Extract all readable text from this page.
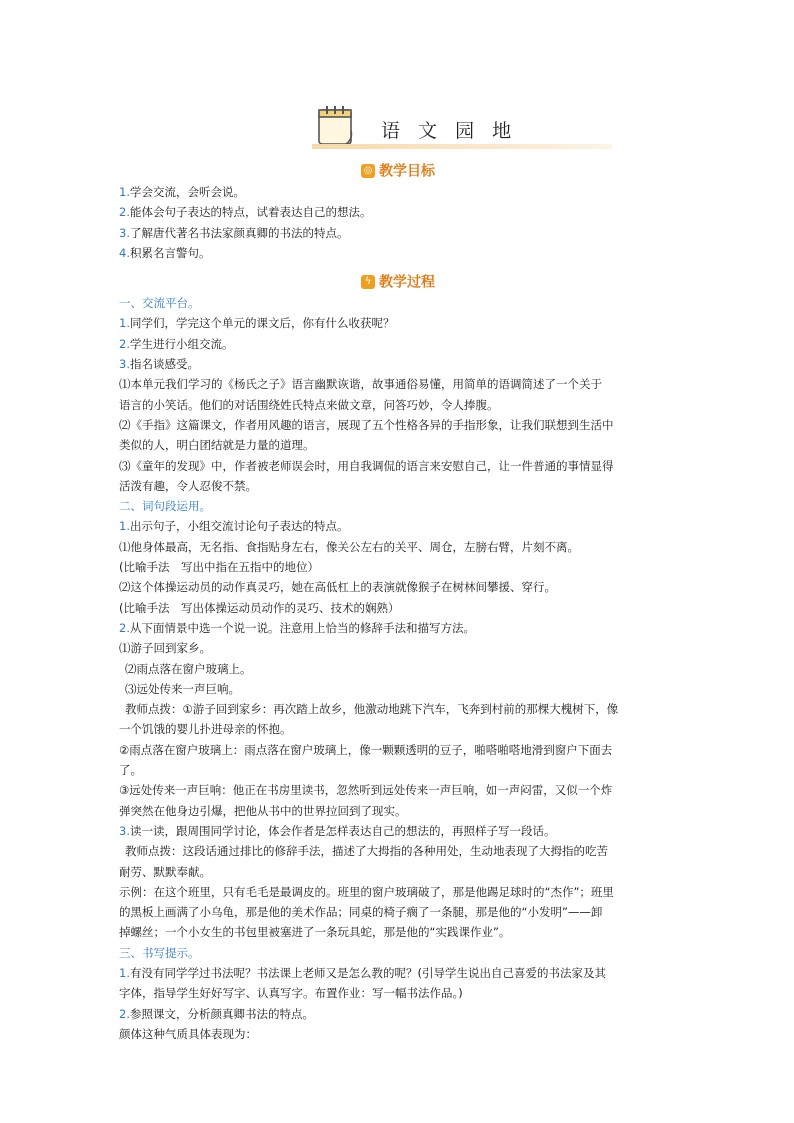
语 文 园 地
◎ 教学目标
1.学会交流，会听会说。
2.能体会句子表达的特点，试着表达自己的想法。
3.了解唐代著名书法家颜真卿的书法的特点。
4.积累名言警句。
ϟ 教学过程
一、交流平台。
1.同学们，学完这个单元的课文后，你有什么收获呢？
2.学生进行小组交流。
3.指名谈感受。
⑴本单元我们学习的《杨氏之子》语言幽默诙谐，故事通俗易懂，用简单的语调简述了一个关于
语言的小笑话。他们的对话围绕姓氏特点来做文章，问答巧妙，令人捧腹。
⑵《手指》这篇课文，作者用风趣的语言，展现了五个性格各异的手指形象，让我们联想到生活中
类似的人，明白团结就是力量的道理。
⑶《童年的发现》中，作者被老师误会时，用自我调侃的语言来安慰自己，让一件普通的事情显得
活泼有趣，令人忍俊不禁。
二、词句段运用。
1.出示句子，小组交流讨论句子表达的特点。
⑴他身体最高，无名指、食指贴身左右，像关公左右的关平、周仓，左膀右臂，片刻不离。
(比喻手法　写出中指在五指中的地位）
⑵这个体操运动员的动作真灵巧，她在高低杠上的表演就像猴子在树林间攀援、穿行。
(比喻手法　写出体操运动员动作的灵巧、技术的娴熟）
2.从下面情景中选一个说一说。注意用上恰当的修辞手法和描写方法。
⑴游子回到家乡。
⑵雨点落在窗户玻璃上。
⑶远处传来一声巨响。
教师点拨：①游子回到家乡：再次踏上故乡，他激动地跳下汽车，飞奔到村前的那棵大槐树下，像
一个饥饿的婴儿扑进母亲的怀抱。
②雨点落在窗户玻璃上：雨点落在窗户玻璃上，像一颗颗透明的豆子，啪嗒啪嗒地滑到窗户下面去
了。
③远处传来一声巨响：他正在书房里读书，忽然听到远处传来一声巨响，如一声闷雷，又似一个炸
弹突然在他身边引爆，把他从书中的世界拉回到了现实。
3.读一读，跟周围同学讨论，体会作者是怎样表达自己的想法的，再照样子写一段话。
教师点拨：这段话通过排比的修辞手法，描述了大拇指的各种用处，生动地表现了大拇指的吃苦
耐劳、默默奉献。
示例：在这个班里，只有毛毛是最调皮的。班里的窗户玻璃破了，那是他踢足球时的“杰作”；班里
的黑板上画满了小乌龟，那是他的美术作品；同桌的椅子瘸了一条腿，那是他的“小发明”——卸
掉螺丝；一个小女生的书包里被塞进了一条玩具蛇，那是他的“实践课作业”。
三、书写提示。
1.有没有同学学过书法呢？书法课上老师又是怎么教的呢？(引导学生说出自己喜爱的书法家及其
字体，指导学生好好写字、认真写字。布置作业：写一幅书法作品。)
2.参照课文，分析颜真卿书法的特点。
颜体这种气质具体表现为：
